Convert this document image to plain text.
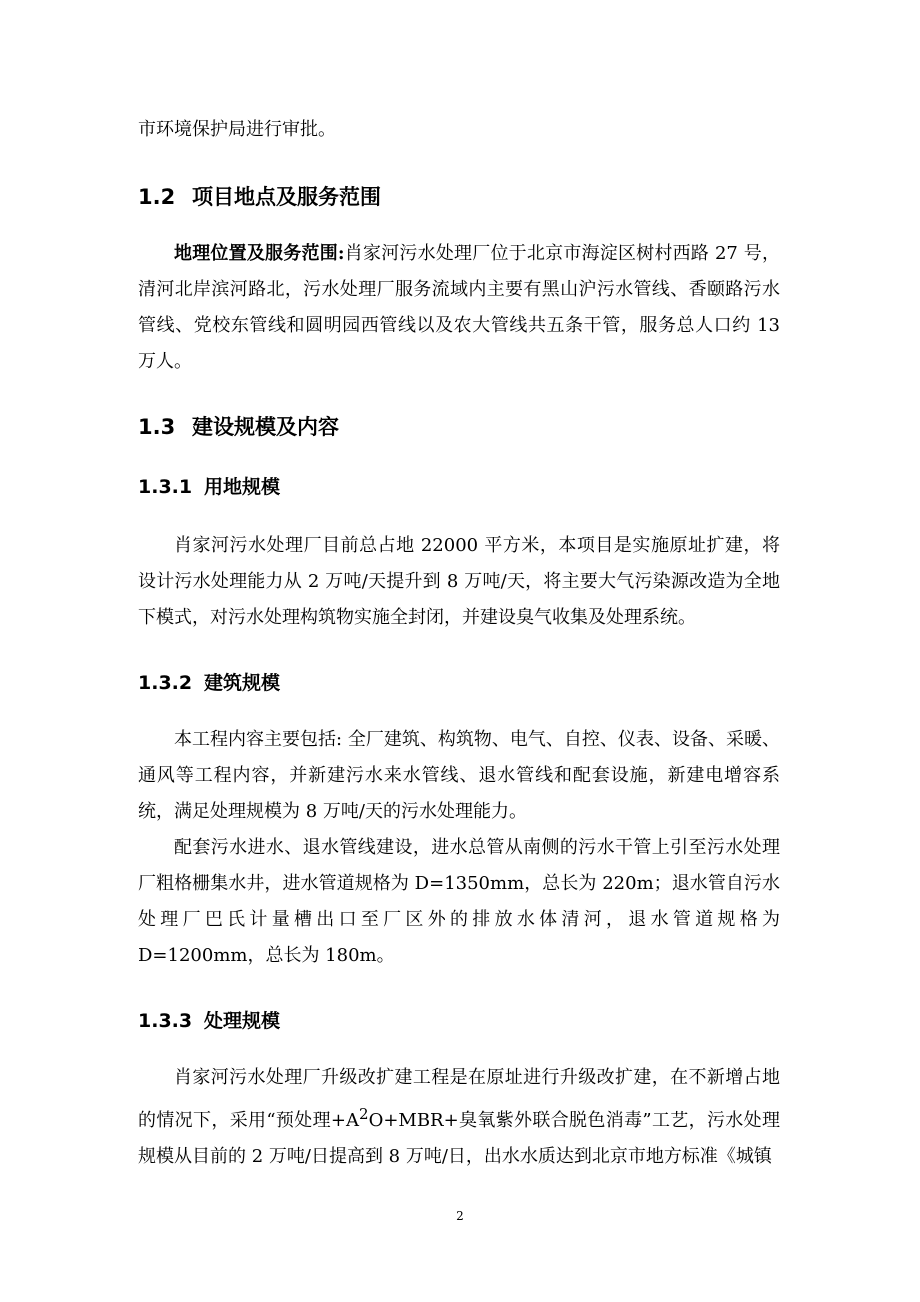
市环境保护局进行审批。

1.2 项目地点及服务范围

地理位置及服务范围:肖家河污水处理厂位于北京市海淀区树村西路 27 号，清河北岸滨河路北，污水处理厂服务流域内主要有黑山沪污水管线、香颐路污水管线、党校东管线和圆明园西管线以及农大管线共五条干管，服务总人口约 13 万人。

1.3 建设规模及内容
1.3.1 用地规模

肖家河污水处理厂目前总占地 22000 平方米，本项目是实施原址扩建，将设计污水处理能力从 2 万吨/天提升到 8 万吨/天，将主要大气污染源改造为全地下模式，对污水处理构筑物实施全封闭，并建设臭气收集及处理系统。

1.3.2 建筑规模

本工程内容主要包括: 全厂建筑、构筑物、电气、自控、仪表、设备、采暖、通风等工程内容，并新建污水来水管线、退水管线和配套设施，新建电增容系统，满足处理规模为 8 万吨/天的污水处理能力。

配套污水进水、退水管线建设，进水总管从南侧的污水干管上引至污水处理厂粗格栅集水井，进水管道规格为 D=1350mm，总长为 220m；退水管自污水处理厂巴氏计量槽出口至厂区外的排放水体清河，退水管道规格为 D=1200mm，总长为 180m。

1.3.3 处理规模

肖家河污水处理厂升级改扩建工程是在原址进行升级改扩建，在不新增占地的情况下，采用“预处理$+A^2O+MBR+$臭氧紫外联合脱色消毒”工艺，污水处理规模从目前的 2 万吨/日提高到 8 万吨/日，出水水质达到北京市地方标准《城镇

2
